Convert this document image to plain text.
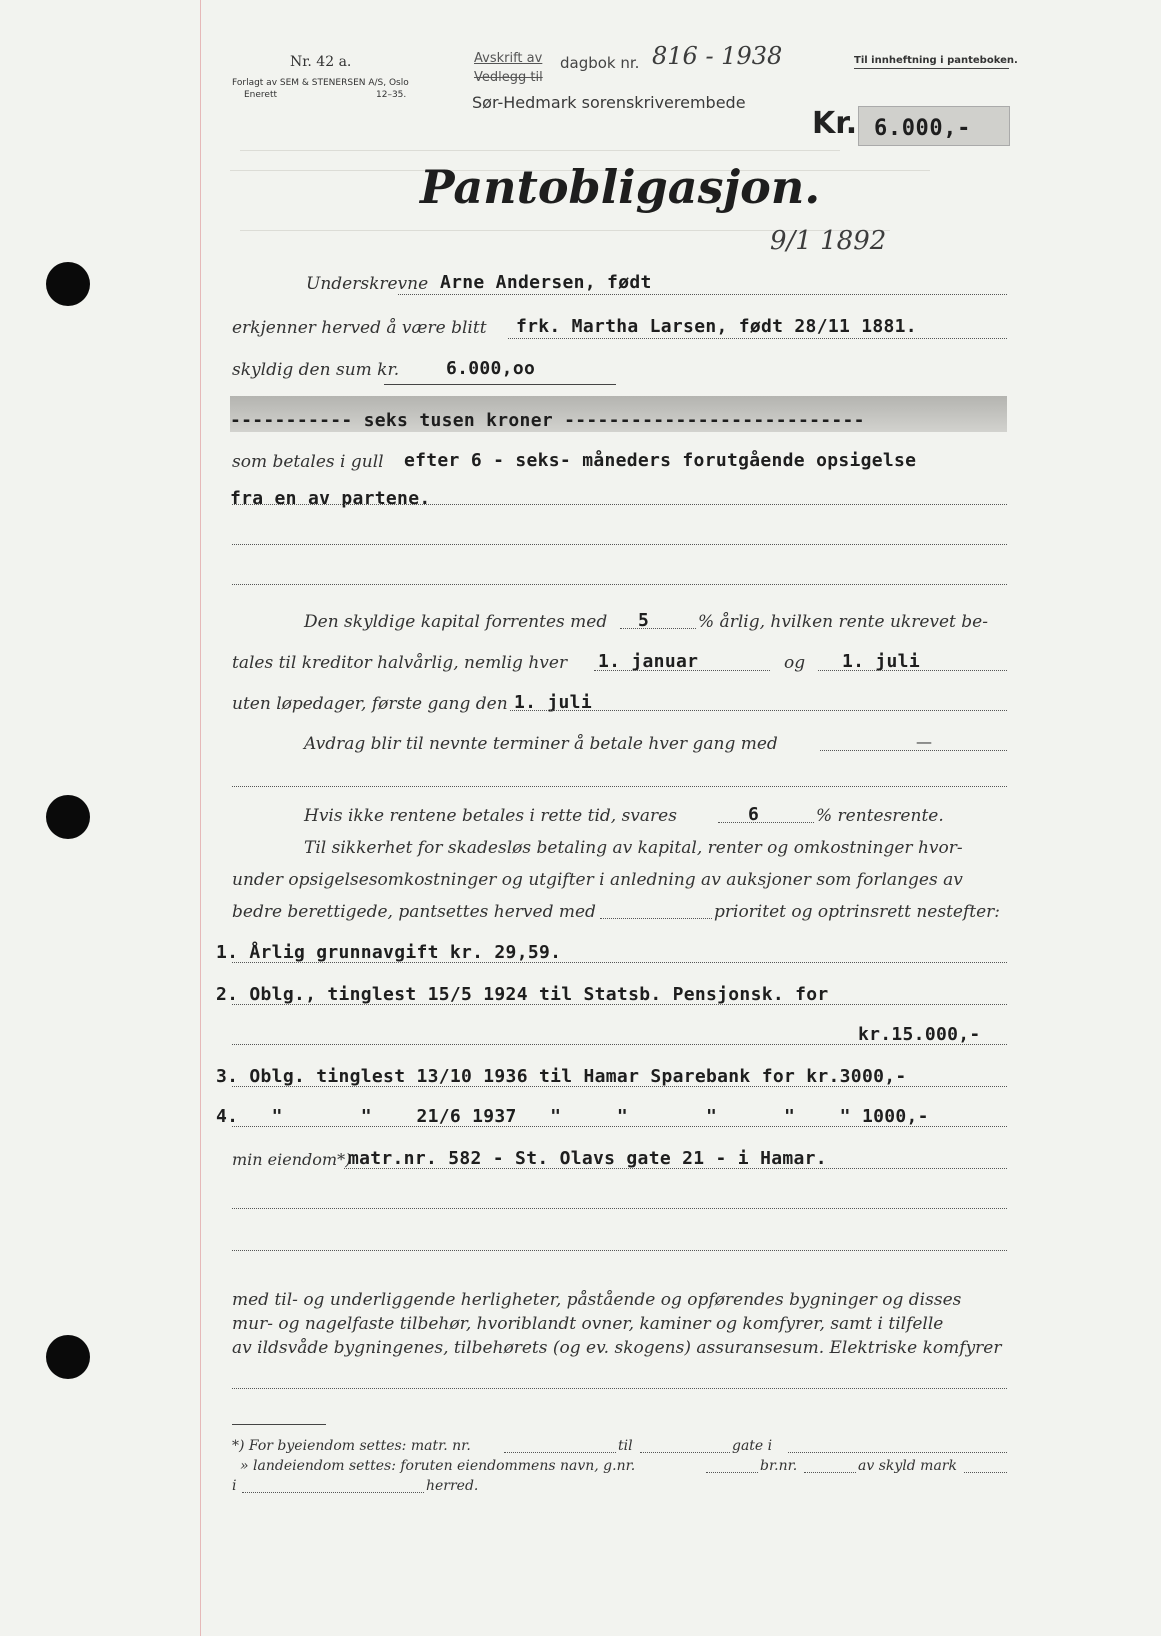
Nr. 42 a.
Forlagt av SEM & STENERSEN A/S, Oslo
Enerett	12–35.
Avskrift av dagbok nr. 816 - 1938
Vedlegg til
Sør-Hedmark sorenskriverembede
Til innheftning i panteboken.
Kr. 6.000,-
Pantobligasjon.
9/1 1892
Underskrevne Arne Andersen, født
erkjenner herved å være blitt frk. Martha Larsen, født 28/11 1881.
skyldig den sum kr.	6.000,oo
----------- seks tusen kroner ---------------------------
som betales i gull efter 6 - seks- måneders forutgående opsigelse
fra en av partene.
Den skyldige kapital forrentes med 5	% årlig, hvilken rente ukrevet be-
tales til kreditor halvårlig, nemlig hver 1. januar	og 1. juli
uten løpedager, første gang den 1. juli
Avdrag blir til nevnte terminer å betale hver gang med	—
Hvis ikke rentene betales i rette tid, svares	6	% rentesrente.
Til sikkerhet for skadesløs betaling av kapital, renter og omkostninger hvor-
under opsigelsesomkostninger og utgifter i anledning av auksjoner som forlanges av
bedre berettigede, pantsettes herved med	prioritet og optrinsrett nestefter:
1. Årlig grunnavgift kr. 29,59.
2. Oblg., tinglest 15/5 1924 til Statsb. Pensjonsk. for
kr.15.000,-
3. Oblg. tinglest 13/10 1936 til Hamar Sparebank for kr.3000,-
4.   "       "    21/6 1937   "     "       "      "    " 1000,-
min eiendom*)
matr.nr. 582 - St. Olavs gate 21 - i Hamar.
med til- og underliggende herligheter, påstående og opførendes bygninger og disses
mur- og nagelfaste tilbehør, hvoriblandt ovner, kaminer og komfyrer, samt i tilfelle
av ildsvåde bygningenes, tilbehørets (og ev. skogens) assuransesum. Elektriske komfyrer
*) For byeiendom settes: matr. nr.	til	gate i
» landeiendom settes: foruten eiendommens navn, g.nr.	br.nr.	av skyld mark
i	herred.
